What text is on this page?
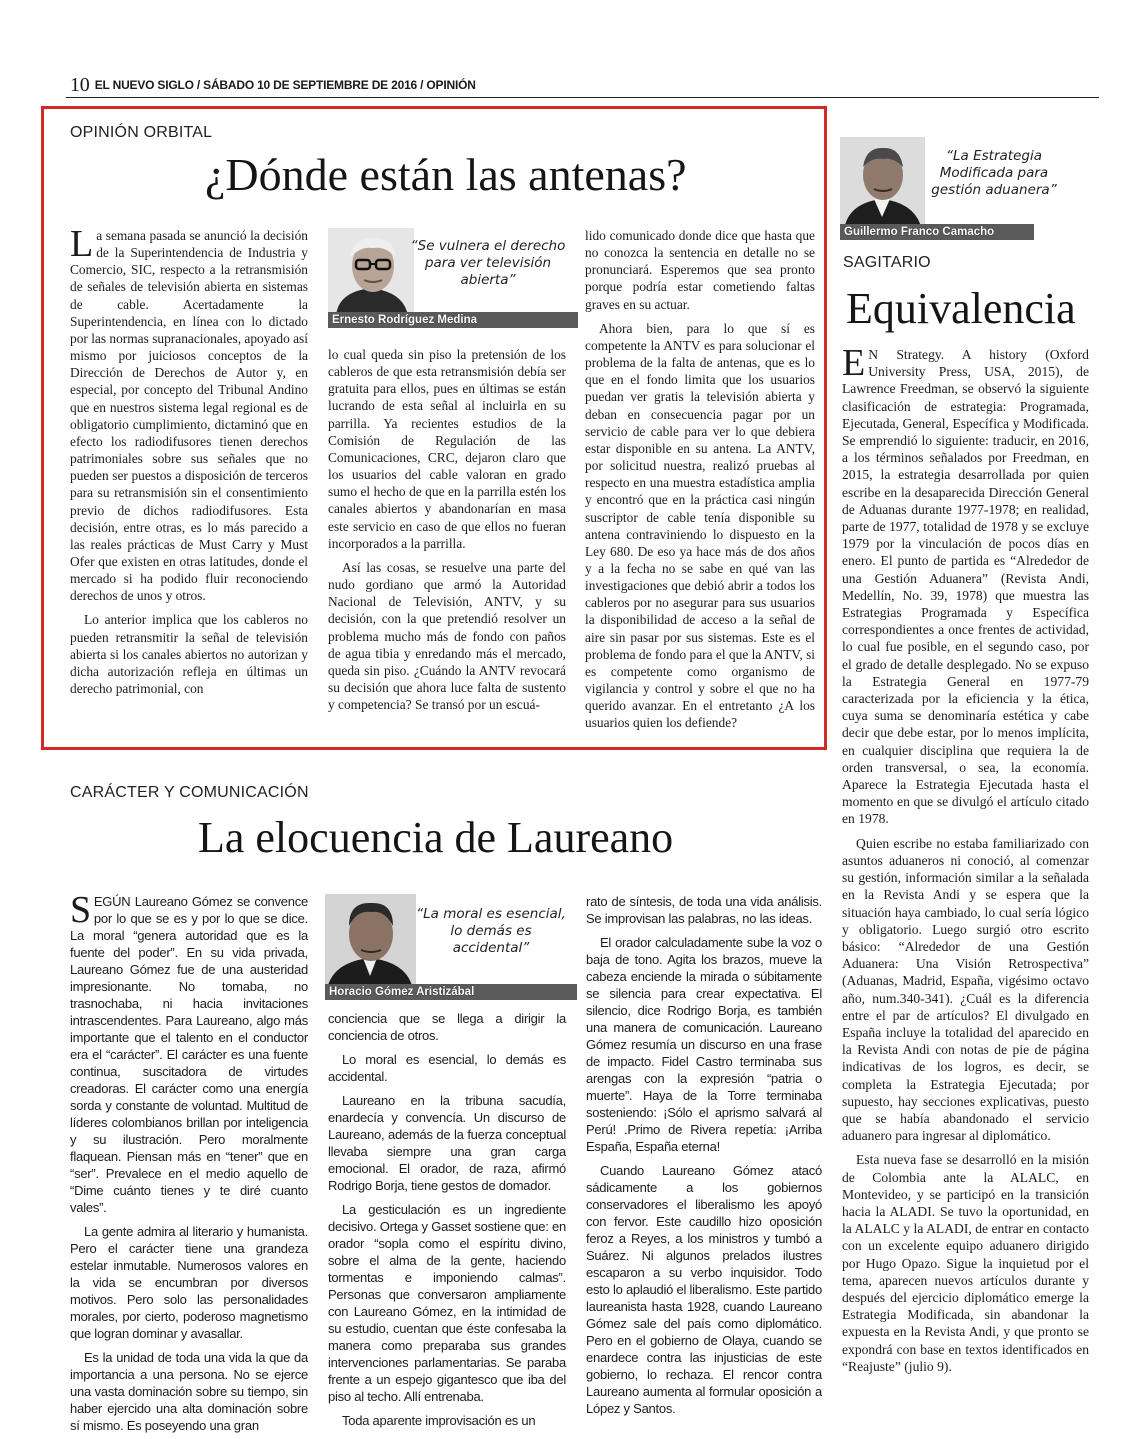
10 EL NUEVO SIGLO / SÁBADO 10 DE SEPTIEMBRE DE 2016 / OPINIÓN
OPINIÓN ORBITAL
¿Dónde están las antenas?

La semana pasada se anunció la decisión de la Superintendencia de Industria y Comercio, SIC, respecto a la retransmisión de señales de televisión abierta en sistemas de cable. Acertadamente la Superintendencia, en línea con lo dictado por las normas supranacionales, apoyado así mismo por juiciosos conceptos de la Dirección de Derechos de Autor y, en especial, por concepto del Tribunal Andino que en nuestros sistema legal regional es de obligatorio cumplimiento, dictaminó que en efecto los radiodifusores tienen derechos patrimoniales sobre sus señales que no pueden ser puestos a disposición de terceros para su retransmisión sin el consentimiento previo de dichos radiodifusores. Esta decisión, entre otras, es lo más parecido a las reales prácticas de Must Carry y Must Ofer que existen en otras latitudes, donde el mercado si ha podido fluir reconociendo derechos de unos y otros.

Lo anterior implica que los cableros no pueden retransmitir la señal de televisión abierta si los canales abiertos no autorizan y dicha autorización refleja en últimas un derecho patrimonial, con

Ernesto Rodríguez Medina
“Se vulnera el derecho para ver televisión abierta”

lo cual queda sin piso la pretensión de los cableros de que esta retransmisión debía ser gratuita para ellos, pues en últimas se están lucrando de esta señal al incluirla en su parrilla. Ya recientes estudios de la Comisión de Regulación de las Comunicaciones, CRC, dejaron claro que los usuarios del cable valoran en grado sumo el hecho de que en la parrilla estén los canales abiertos y abandonarían en masa este servicio en caso de que ellos no fueran incorporados a la parrilla.

Así las cosas, se resuelve una parte del nudo gordiano que armó la Autoridad Nacional de Televisión, ANTV, y su decisión, con la que pretendió resolver un problema mucho más de fondo con paños de agua tibia y enredando más el mercado, queda sin piso. ¿Cuándo la ANTV revocará su decisión que ahora luce falta de sustento y competencia? Se transó por un escuá-

lido comunicado donde dice que hasta que no conozca la sentencia en detalle no se pronunciará. Esperemos que sea pronto porque podría estar cometiendo faltas graves en su actuar.

Ahora bien, para lo que sí es competente la ANTV es para solucionar el problema de la falta de antenas, que es lo que en el fondo limita que los usuarios puedan ver gratis la televisión abierta y deban en consecuencia pagar por un servicio de cable para ver lo que debiera estar disponible en su antena. La ANTV, por solicitud nuestra, realizó pruebas al respecto en una muestra estadística amplia y encontró que en la práctica casi ningún suscriptor de cable tenía disponible su antena contraviniendo lo dispuesto en la Ley 680. De eso ya hace más de dos años y a la fecha no se sabe en qué van las investigaciones que debió abrir a todos los cableros por no asegurar para sus usuarios la disponibilidad de acceso a la señal de aire sin pasar por sus sistemas. Este es el problema de fondo para el que la ANTV, si es competente como organismo de vigilancia y control y sobre el que no ha querido avanzar. En el entretanto ¿A los usuarios quien los defiende?

Guillermo Franco Camacho
“La Estrategia Modificada para gestión aduanera”
SAGITARIO
Equivalencia

E N Strategy. A history (Oxford University Press, USA, 2015), de Lawrence Freedman, se observó la siguiente clasificación de estrategia: Programada, Ejecutada, General, Específica y Modificada. Se emprendió lo siguiente: traducir, en 2016, a los términos señalados por Freedman, en 2015, la estrategia desarrollada por quien escribe en la desaparecida Dirección General de Aduanas durante 1977-1978; en realidad, parte de 1977, totalidad de 1978 y se excluye 1979 por la vinculación de pocos días en enero. El punto de partida es “Alrededor de una Gestión Aduanera” (Revista Andi, Medellín, No. 39, 1978) que muestra las Estrategias Programada y Específica correspondientes a once frentes de actividad, lo cual fue posible, en el segundo caso, por el grado de detalle desplegado. No se expuso la Estrategia General en 1977-79 caracterizada por la eficiencia y la ética, cuya suma se denominaría estética y cabe decir que debe estar, por lo menos implícita, en cualquier disciplina que requiera la de orden transversal, o sea, la economía. Aparece la Estrategia Ejecutada hasta el momento en que se divulgó el artículo citado en 1978.

Quien escribe no estaba familiarizado con asuntos aduaneros ni conoció, al comenzar su gestión, información similar a la señalada en la Revista Andi y se espera que la situación haya cambiado, lo cual sería lógico y obligatorio. Luego surgió otro escrito básico: “Alrededor de una Gestión Aduanera: Una Visión Retrospectiva” (Aduanas, Madrid, España, vigésimo octavo año, num.340-341). ¿Cuál es la diferencia entre el par de artículos? El divulgado en España incluye la totalidad del aparecido en la Revista Andi con notas de pie de página indicativas de los logros, es decir, se completa la Estrategia Ejecutada; por supuesto, hay secciones explicativas, puesto que se había abandonado el servicio aduanero para ingresar al diplomático.

Esta nueva fase se desarrolló en la misión de Colombia ante la ALALC, en Montevideo, y se participó en la transición hacia la ALADI. Se tuvo la oportunidad, en la ALALC y la ALADI, de entrar en contacto con un excelente equipo aduanero dirigido por Hugo Opazo. Sigue la inquietud por el tema, aparecen nuevos artículos durante y después del ejercicio diplomático emerge la Estrategia Modificada, sin abandonar la expuesta en la Revista Andi, y que pronto se expondrá con base en textos identificados en “Reajuste” (julio 9).

CARÁCTER Y COMUNICACIÓN
La elocuencia de Laureano

SEGÚN Laureano Gómez se convence por lo que se es y por lo que se dice. La moral “genera autoridad que es la fuente del poder”. En su vida privada, Laureano Gómez fue de una austeridad impresionante. No tomaba, no trasnochaba, ni hacia invitaciones intrascendentes. Para Laureano, algo más importante que el talento en el conductor era el “carácter”. El carácter es una fuente continua, suscitadora de virtudes creadoras. El carácter como una energía sorda y constante de voluntad. Multitud de líderes colombianos brillan por inteligencia y su ilustración. Pero moralmente flaquean. Piensan más en “tener” que en “ser”. Prevalece en el medio aquello de “Dime cuánto tienes y te diré cuanto vales”.

La gente admira al literario y humanista. Pero el carácter tiene una grandeza estelar inmutable. Numerosos valores en la vida se encumbran por diversos motivos. Pero solo las personalidades morales, por cierto, poderoso magnetismo que logran dominar y avasallar.

Es la unidad de toda una vida la que da importancia a una persona. No se ejerce una vasta dominación sobre su tiempo, sin haber ejercido una alta dominación sobre sí mismo. Es poseyendo una gran

Horacio Gómez Aristizábal
“La moral es esencial, lo demás es accidental”

conciencia que se llega a dirigir la conciencia de otros.

Lo moral es esencial, lo demás es accidental.

Laureano en la tribuna sacudía, enardecía y convencía. Un discurso de Laureano, además de la fuerza conceptual llevaba siempre una gran carga emocional. El orador, de raza, afirmó Rodrigo Borja, tiene gestos de domador.

La gesticulación es un ingrediente decisivo. Ortega y Gasset sostiene que: en orador “sopla como el espíritu divino, sobre el alma de la gente, haciendo tormentas e imponiendo calmas”. Personas que conversaron ampliamente con Laureano Gómez, en la intimidad de su estudio, cuentan que éste confesaba la manera como preparaba sus grandes intervenciones parlamentarias. Se paraba frente a un espejo gigantesco que iba del piso al techo. Allí entrenaba.

Toda aparente improvisación es un

rato de síntesis, de toda una vida análisis. Se improvisan las palabras, no las ideas.

El orador calculadamente sube la voz o baja de tono. Agita los brazos, mueve la cabeza enciende la mirada o súbitamente se silencia para crear expectativa. El silencio, dice Rodrigo Borja, es también una manera de comunicación. Laureano Gómez resumía un discurso en una frase de impacto. Fidel Castro terminaba sus arengas con la expresión “patria o muerte”. Haya de la Torre terminaba sosteniendo: ¡Sólo el aprismo salvará al Perú! .Primo de Rivera repetía: ¡Arriba España, España eterna!

Cuando Laureano Gómez atacó sádicamente a los gobiernos conservadores el liberalismo les apoyó con fervor. Este caudillo hizo oposición feroz a Reyes, a los ministros y tumbó a Suárez. Ni algunos prelados ilustres escaparon a su verbo inquisidor. Todo esto lo aplaudió el liberalismo. Este partido laureanista hasta 1928, cuando Laureano Gómez sale del país como diplomático. Pero en el gobierno de Olaya, cuando se enardece contra las injusticias de este gobierno, lo rechaza. El rencor contra Laureano aumenta al formular oposición a López y Santos.
